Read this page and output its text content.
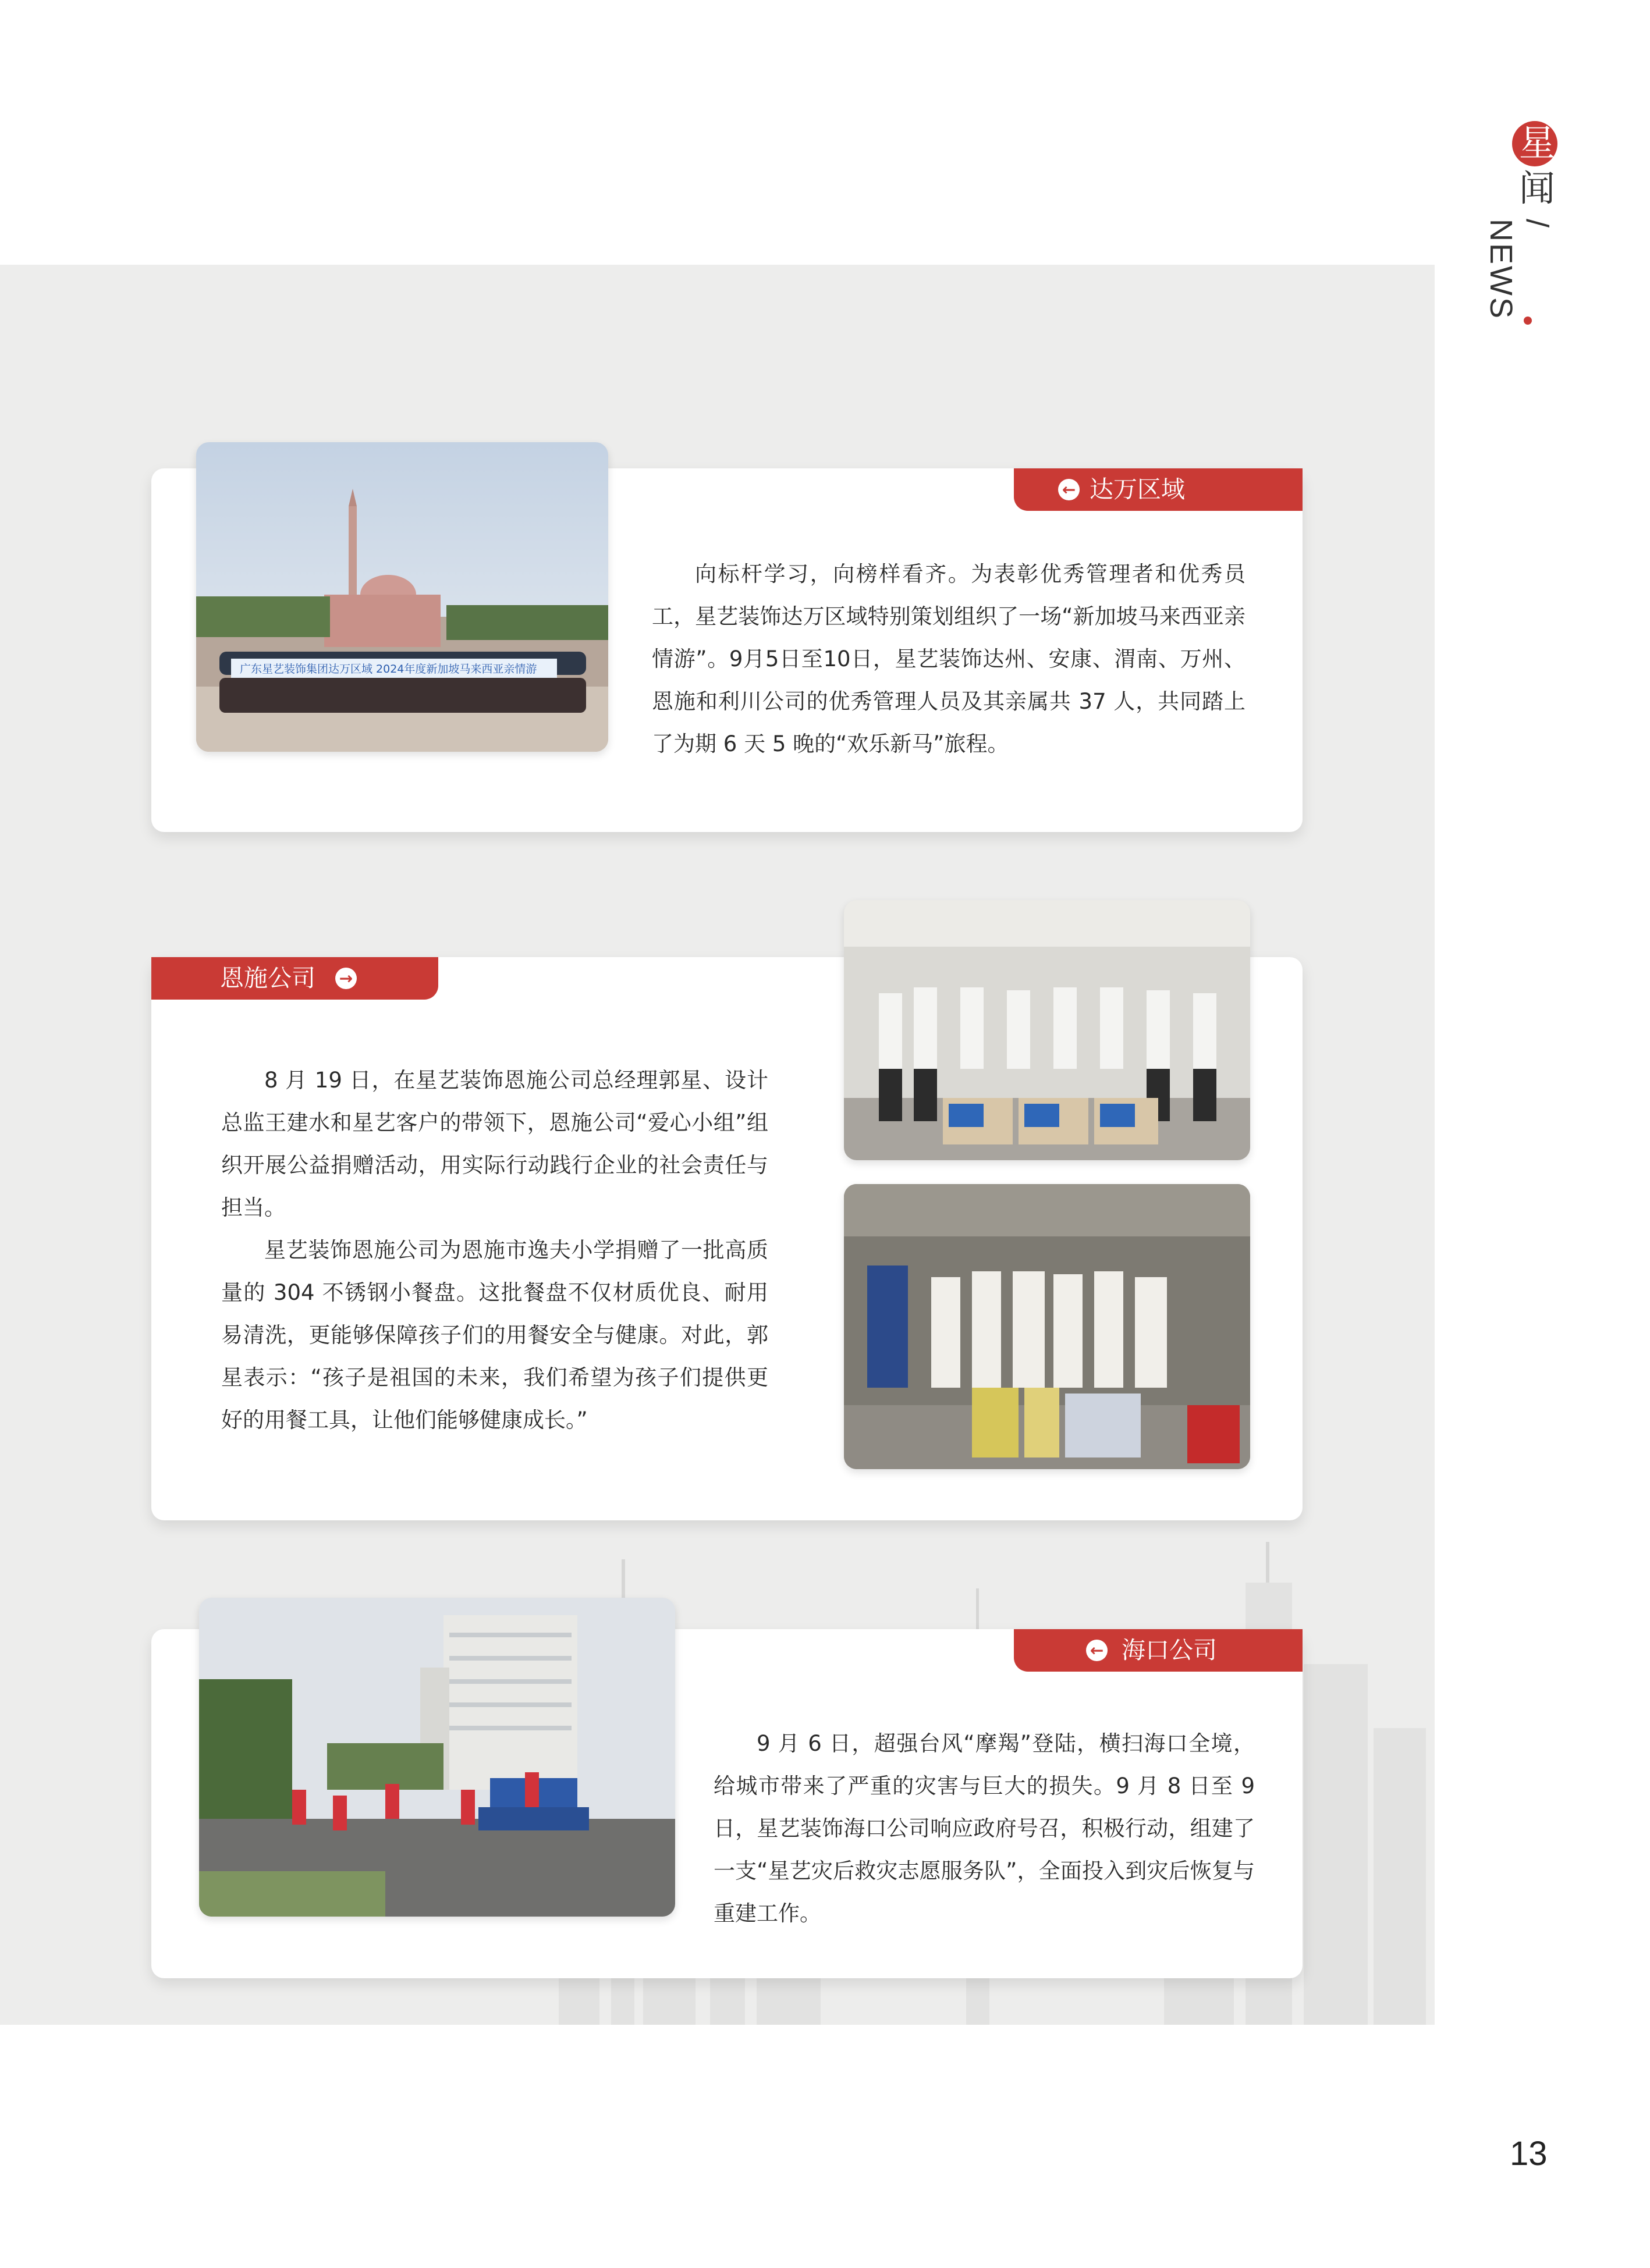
星
闻
/ NEWS
← 达万区域

向标杆学习，向榜样看齐。为表彰优秀管理者和优秀员工，星艺装饰达万区域特别策划组织了一场“新加坡马来西亚亲情游”。9月5日至10日，星艺装饰达州、安康、渭南、万州、恩施和利川公司的优秀管理人员及其亲属共 37 人，共同踏上了为期 6 天 5 晚的“欢乐新马”旅程。

广东星艺装饰集团达万区域 2024年度新加坡马来西亚亲情游
恩施公司 →

8 月 19 日，在星艺装饰恩施公司总经理郭星、设计总监王建水和星艺客户的带领下，恩施公司“爱心小组”组织开展公益捐赠活动，用实际行动践行企业的社会责任与担当。

星艺装饰恩施公司为恩施市逸夫小学捐赠了一批高质量的 304 不锈钢小餐盘。这批餐盘不仅材质优良、耐用易清洗，更能够保障孩子们的用餐安全与健康。对此，郭星表示：“孩子是祖国的未来，我们希望为孩子们提供更好的用餐工具，让他们能够健康成长。”

← 海口公司

9 月 6 日，超强台风“摩羯”登陆，横扫海口全境，给城市带来了严重的灾害与巨大的损失。9 月 8 日至 9 日，星艺装饰海口公司响应政府号召，积极行动，组建了一支“星艺灾后救灾志愿服务队”，全面投入到灾后恢复与重建工作。

13
